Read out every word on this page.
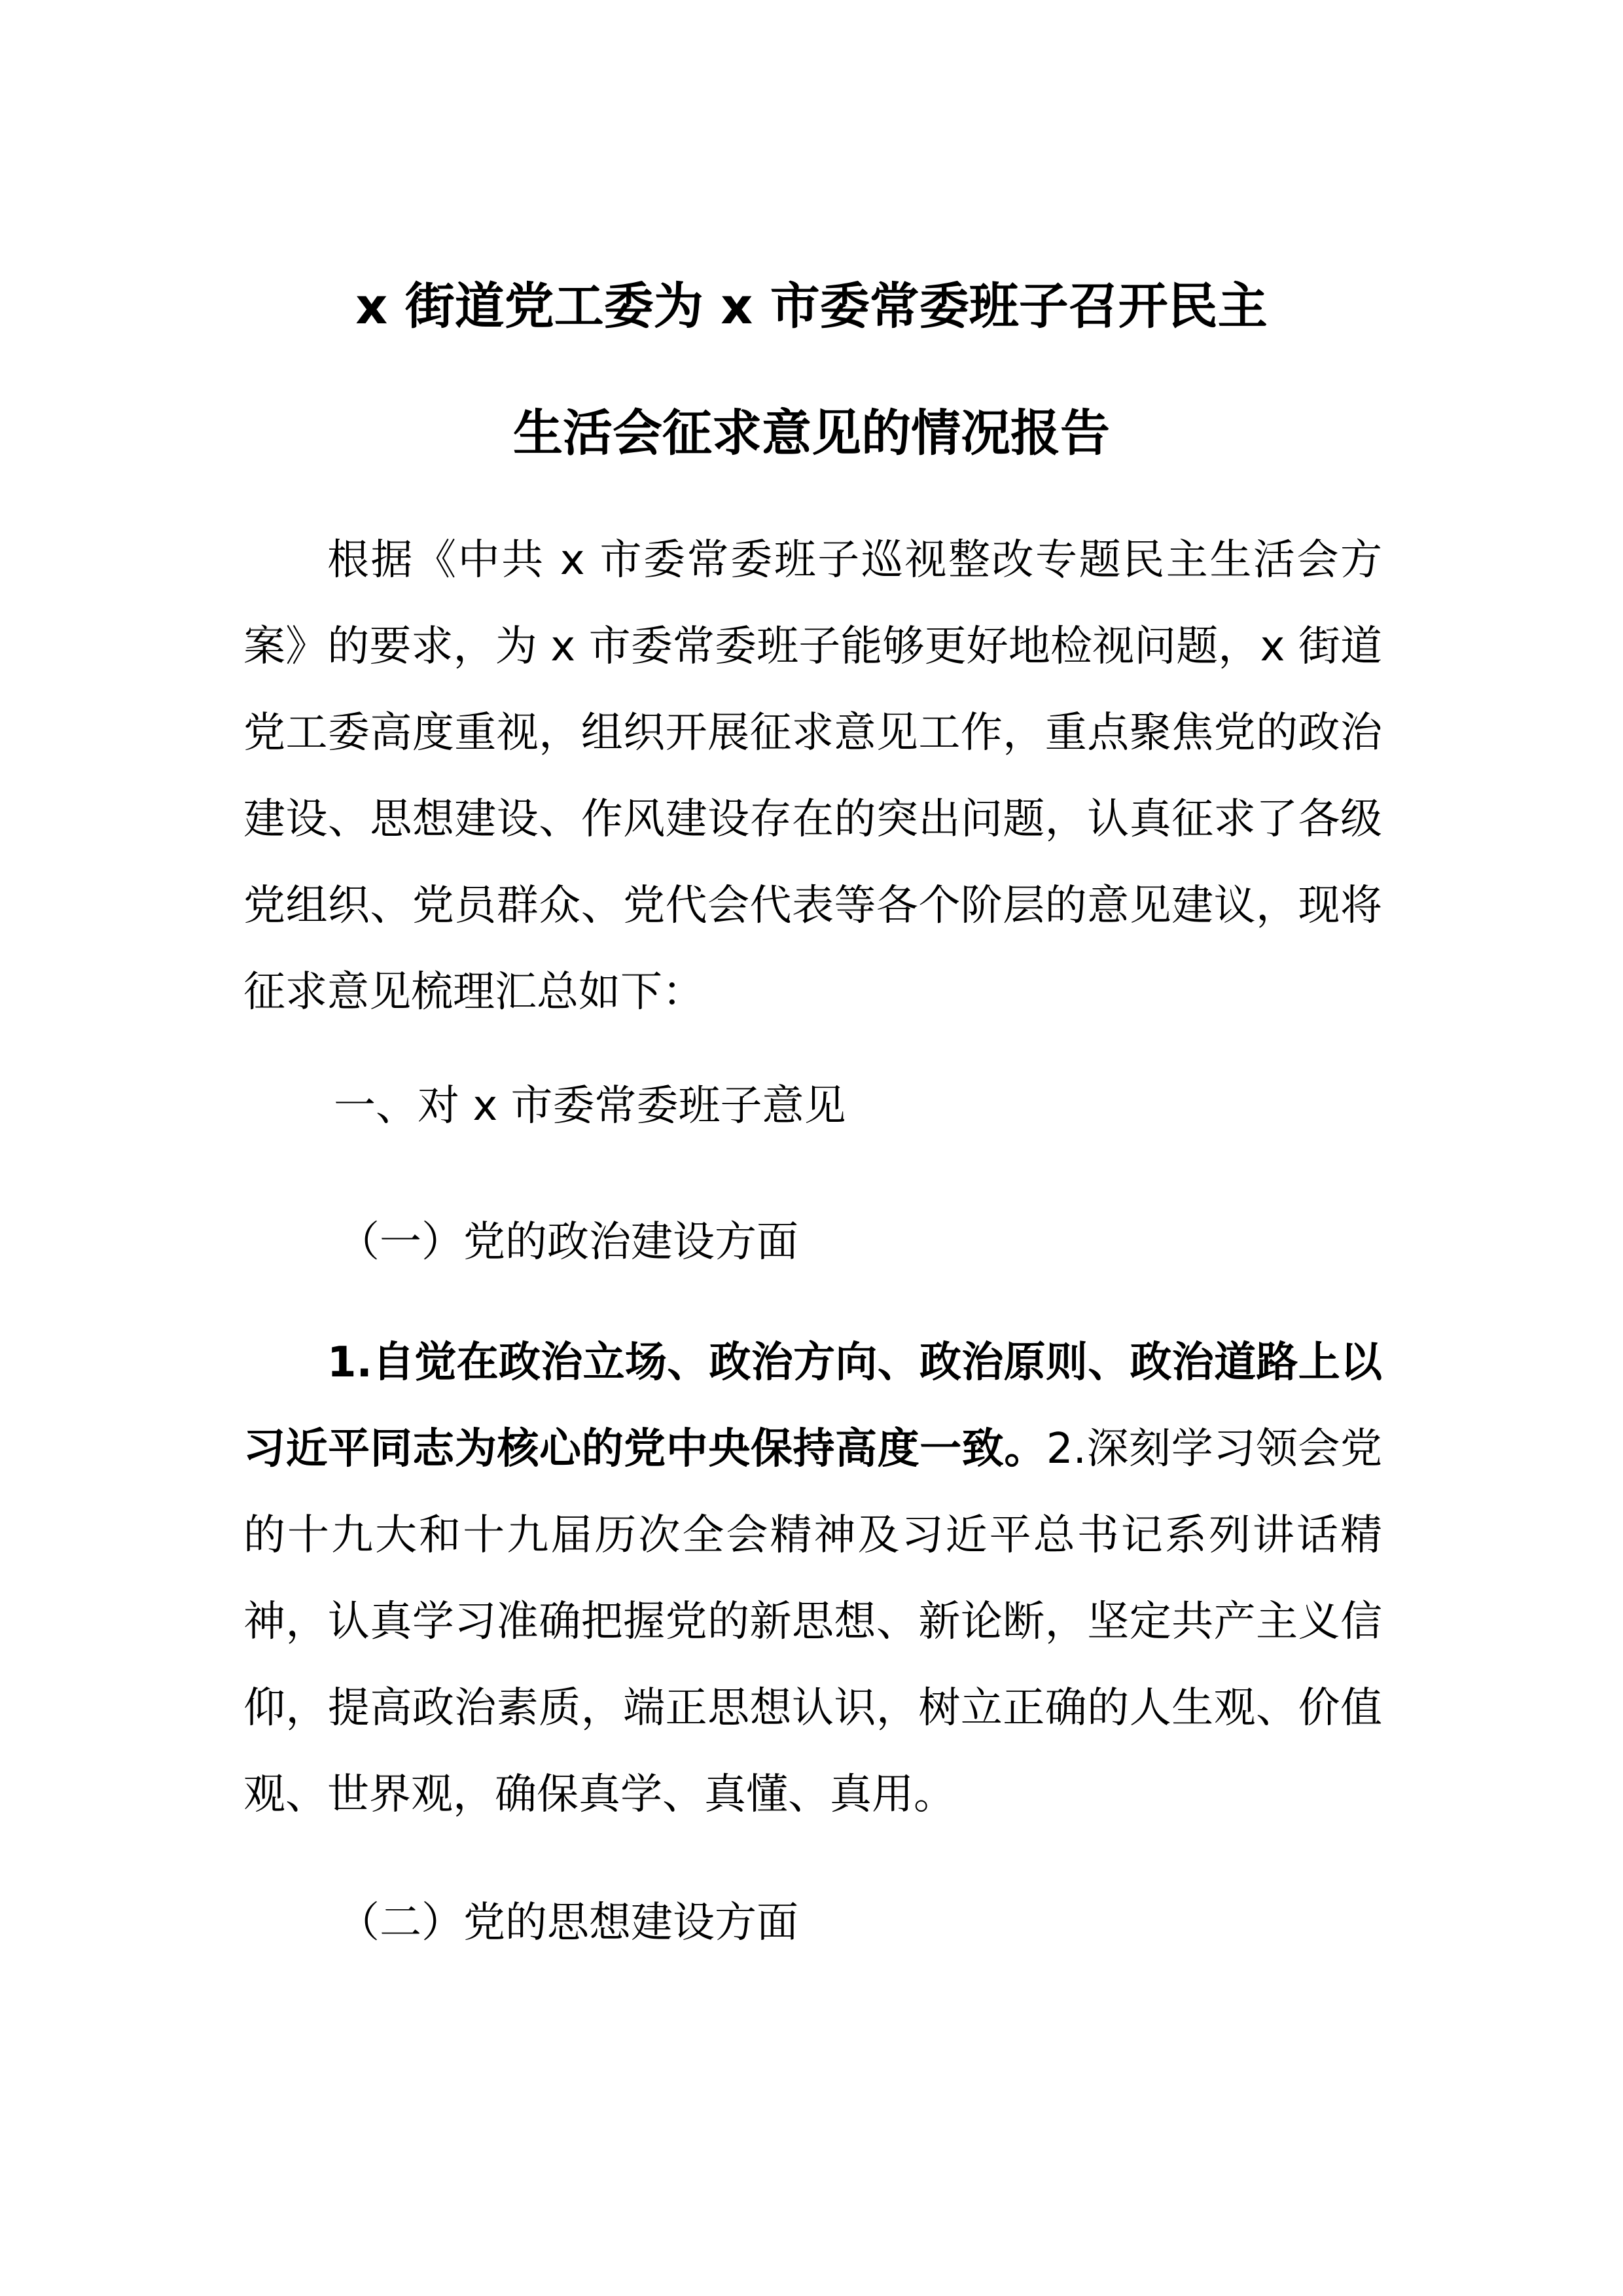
x 街道党工委为 x 市委常委班子召开民主
生活会征求意见的情况报告

根据《中共 x 市委常委班子巡视整改专题民主生活会方案》的要求，为 x 市委常委班子能够更好地检视问题，x 街道党工委高度重视，组织开展征求意见工作，重点聚焦党的政治建设、思想建设、作风建设存在的突出问题，认真征求了各级党组织、党员群众、党代会代表等各个阶层的意见建议，现将征求意见梳理汇总如下：

一、对 x 市委常委班子意见

（一）党的政治建设方面

1.自觉在政治立场、政治方向、政治原则、政治道路上以习近平同志为核心的党中央保持高度一致。2.深刻学习领会党的十九大和十九届历次全会精神及习近平总书记系列讲话精神，认真学习准确把握党的新思想、新论断，坚定共产主义信仰，提高政治素质，端正思想认识，树立正确的人生观、价值观、世界观，确保真学、真懂、真用。

（二）党的思想建设方面
